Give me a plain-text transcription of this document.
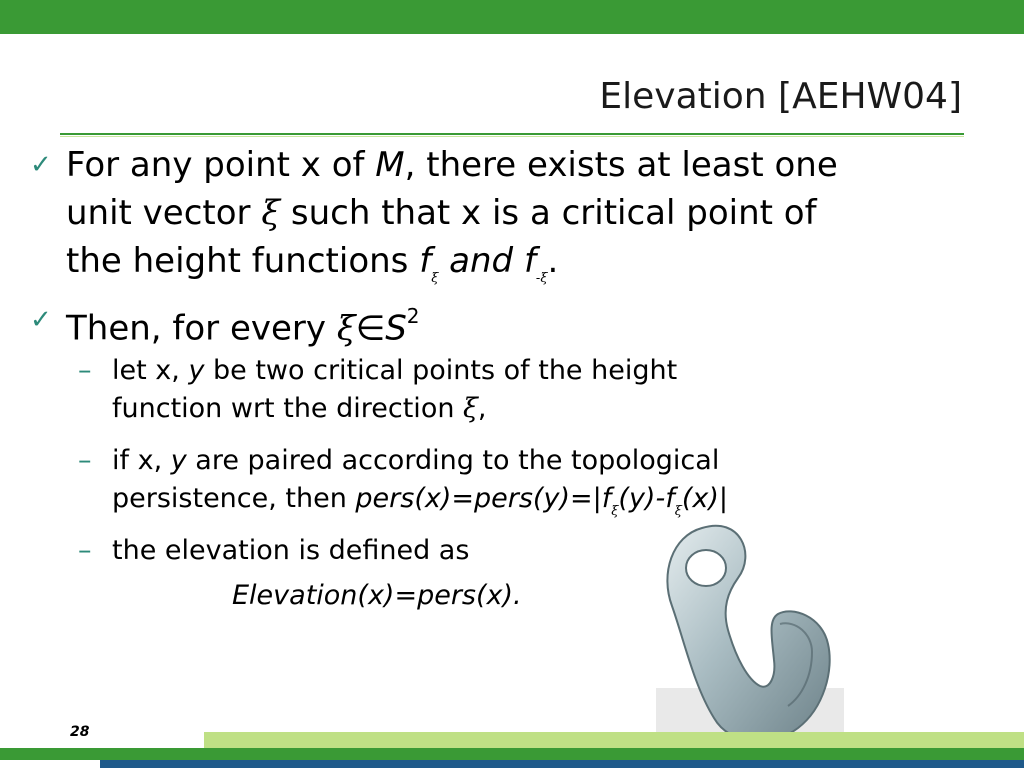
Elevation [AEHW04]
✓ For any point x of M, there exists at least one
unit vector ξ such that x is a critical point of
the height functions $f_\xi$ and $f_{-\xi}$.
✓ Then, for every $\xi\in S^2$
– let x, y be two critical points of the height
function wrt the direction ξ,
– if x, y are paired according to the topological
persistence, then $pers(x)=pers(y)=|f_\xi(y)-f_\xi(x)|$
– the elevation is defined as
Elevation(x)=pers(x).
28
